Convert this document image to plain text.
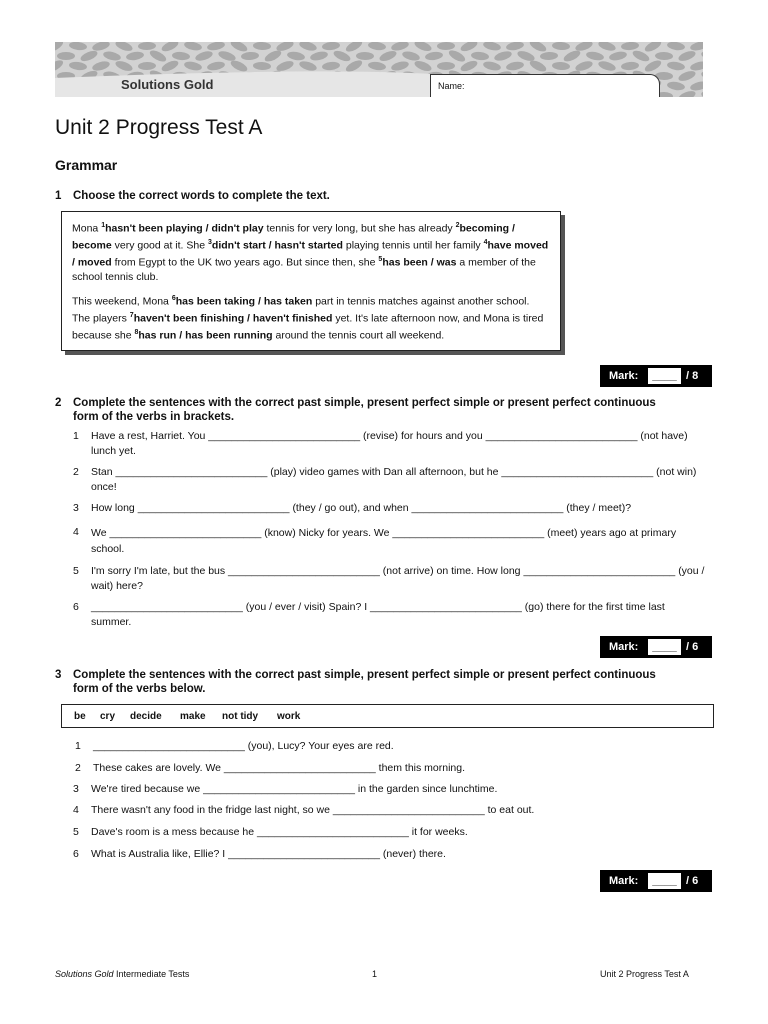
Solutions Gold	Name:
Unit 2 Progress Test A
Grammar
1 Choose the correct words to complete the text.

Mona $^1$hasn't been playing / didn't play tennis for very long, but she has already $^2$becoming / become very good at it. She $^3$didn't start / hasn't started playing tennis until her family $^4$have moved / moved from Egypt to the UK two years ago. But since then, she $^5$has been / was a member of the school tennis club.

This weekend, Mona $^6$has been taking / has taken part in tennis matches against another school. The players $^7$haven't been finishing / haven't finished yet. It's late afternoon now, and Mona is tired because she $^8$has run / has been running around the tennis court all weekend.

Mark:	____ / 8
2 Complete the sentences with the correct past simple, present perfect simple or present perfect continuous form of the verbs in brackets.
1 Have a rest, Harriet. You __________________________ (revise) for hours and you __________________________ (not have) lunch yet.
2 Stan __________________________ (play) video games with Dan all afternoon, but he __________________________ (not win) once!
3 How long __________________________ (they / go out), and when __________________________ (they / meet)?
4 We __________________________ (know) Nicky for years. We __________________________ (meet) years ago at primary school.
5 I'm sorry I'm late, but the bus __________________________ (not arrive) on time. How long __________________________ (you / wait) here?
6 __________________________ (you / ever / visit) Spain? I __________________________ (go) there for the first time last summer.
Mark:	____ / 6
3 Complete the sentences with the correct past simple, present perfect simple or present perfect continuous form of the verbs below.
be cry decide make not tidy work
1 __________________________ (you), Lucy? Your eyes are red.
2 These cakes are lovely. We __________________________ them this morning.
3 We're tired because we __________________________ in the garden since lunchtime.
4 There wasn't any food in the fridge last night, so we __________________________ to eat out.
5 Dave's room is a mess because he __________________________ it for weeks.
6 What is Australia like, Ellie? I __________________________ (never) there.
Mark:	____ / 6
Solutions Gold Intermediate Tests	1	Unit 2 Progress Test A
